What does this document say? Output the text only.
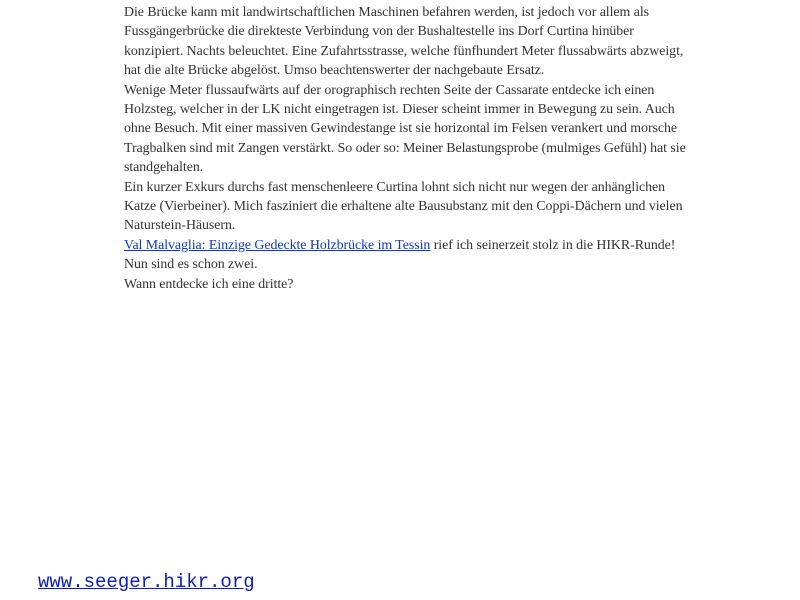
Die Brücke kann mit landwirtschaftlichen Maschinen befahren werden, ist jedoch vor allem als Fussgängerbrücke die direkteste Verbindung von der Bushaltestelle ins Dorf Curtina hinüber konzipiert. Nachts beleuchtet. Eine Zufahrtsstrasse, welche fünfhundert Meter flussabwärts abzweigt, hat die alte Brücke abgelöst. Umso beachtenswerter der nachgebaute Ersatz.

Wenige Meter flussaufwärts auf der orographisch rechten Seite der Cassarate entdecke ich einen Holzsteg, welcher in der LK nicht eingetragen ist. Dieser scheint immer in Bewegung zu sein. Auch ohne Besuch. Mit einer massiven Gewindestange ist sie horizontal im Felsen verankert und morsche Tragbalken sind mit Zangen verstärkt. So oder so: Meiner Belastungsprobe (mulmiges Gefühl) hat sie standgehalten.

Ein kurzer Exkurs durchs fast menschenleere Curtina lohnt sich nicht nur wegen der anhänglichen Katze (Vierbeiner). Mich fasziniert die erhaltene alte Bausubstanz mit den Coppi-Dächern und vielen Naturstein-Häusern.

Val Malvaglia: Einzige Gedeckte Holzbrücke im Tessin rief ich seinerzeit stolz in die HIKR-Runde! Nun sind es schon zwei.

Wann entdecke ich eine dritte?

www.seeger.hikr.org
